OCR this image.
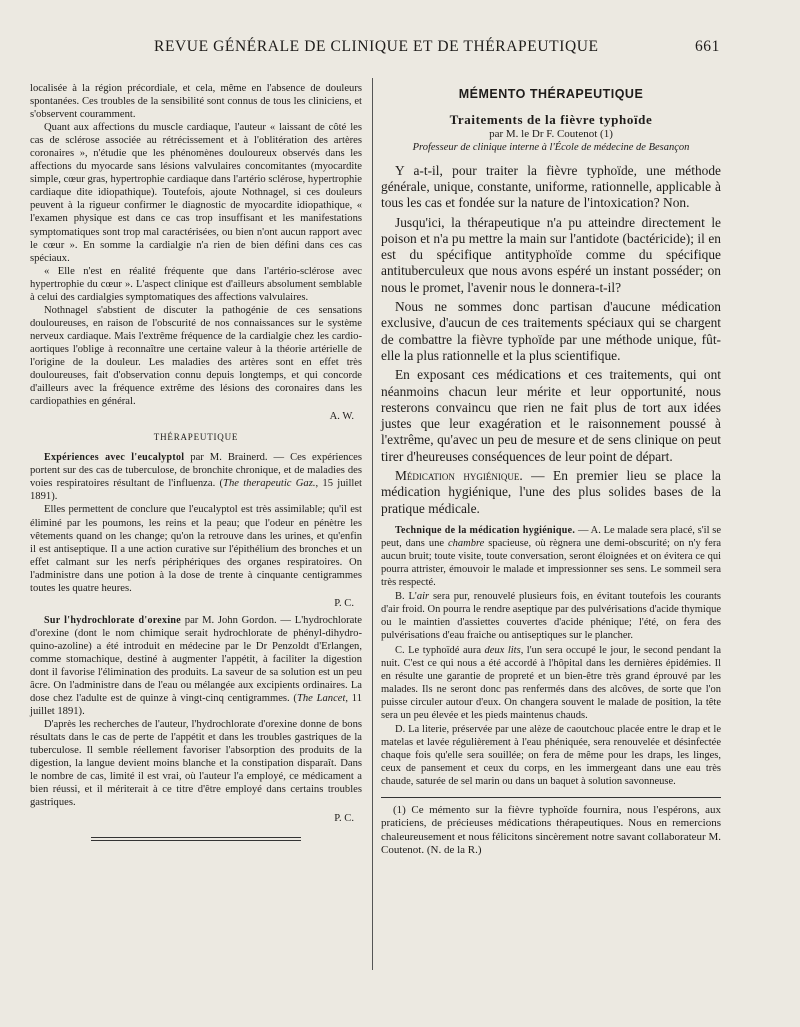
REVUE GÉNÉRALE DE CLINIQUE ET DE THÉRAPEUTIQUE	661

localisée à la région précordiale, et cela, même en l'absence de douleurs spontanées. Ces troubles de la sensibilité sont connus de tous les cliniciens, et s'observent couramment.

Quant aux affections du muscle cardiaque, l'auteur « laissant de côté les cas de sclérose associée au rétrécissement et à l'oblitération des artères coronaires », n'étudie que les phénomènes douloureux observés dans les affections du myocarde sans lésions valvulaires concomitantes (myocardite simple, cœur gras, hypertrophie cardiaque dans l'artério sclérose, hypertrophie cardiaque dite idiopathique). Toutefois, ajoute Nothnagel, si ces douleurs peuvent à la rigueur confirmer le diagnostic de myocardite idiopathique, « l'examen physique est dans ce cas trop insuffisant et les manifestations symptomatiques sont trop mal caractérisées, ou bien n'ont aucun rapport avec le cœur ». En somme la cardialgie n'a rien de bien défini dans ces cas spéciaux.

« Elle n'est en réalité fréquente que dans l'artério-sclérose avec hypertrophie du cœur ». L'aspect clinique est d'ailleurs absolument semblable à celui des cardialgies symptomatiques des affections valvulaires.

Nothnagel s'abstient de discuter la pathogénie de ces sensations douloureuses, en raison de l'obscurité de nos connaissances sur le système nerveux cardiaque. Mais l'extrême fréquence de la cardialgie chez les cardio-aortiques l'oblige à reconnaître une certaine valeur à la théorie artérielle de l'origine de la douleur. Les maladies des artères sont en effet très douloureuses, fait d'observation connu depuis longtemps, et qui concorde d'ailleurs avec la fréquence extrême des lésions des coronaires dans les cardiopathies en général.

A. W.

THÉRAPEUTIQUE

Expériences avec l'eucalyptol par M. Brainerd. — Ces expériences portent sur des cas de tuberculose, de bronchite chronique, et de maladies des voies respiratoires résultant de l'influenza. (The therapeutic Gaz., 15 juillet 1891).

Elles permettent de conclure que l'eucalyptol est très assimilable; qu'il est éliminé par les poumons, les reins et la peau; que l'odeur en pénètre les vêtements quand on les change; qu'on la retrouve dans les urines, et qu'enfin il est antiseptique. Il a une action curative sur l'épithélium des bronches et un effet calmant sur les nerfs périphériques des organes respiratoires. On l'administre dans une potion à la dose de trente à cinquante centigrammes toutes les quatre heures.

P. C.

Sur l'hydrochlorate d'orexine par M. John Gordon. — L'hydrochlorate d'orexine (dont le nom chimique serait hydrochlorate de phényl-dihydro-quino-azoline) a été introduit en médecine par le Dr Penzoldt d'Erlangen, comme stomachique, destiné à augmenter l'appétit, à faciliter la digestion dont il favorise l'élimination des produits. La saveur de sa solution est un peu âcre. On l'administre dans de l'eau ou mélangée aux excipients ordinaires. La dose chez l'adulte est de quinze à vingt-cinq centigrammes. (The Lancet, 11 juillet 1891).

D'après les recherches de l'auteur, l'hydrochlorate d'orexine donne de bons résultats dans le cas de perte de l'appétit et dans les troubles gastriques de la tuberculose. Il semble réellement favoriser l'absorption des produits de la digestion, la langue devient moins blanche et la constipation disparaît. Dans le nombre de cas, limité il est vrai, où l'auteur l'a employé, ce médicament a bien réussi, et il mériterait à ce titre d'être employé dans certains troubles gastriques.

P. C.

MÉMENTO THÉRAPEUTIQUE
Traitements de la fièvre typhoïde
par M. le Dr F. Coutenot (1)
Professeur de clinique interne à l'École de médecine de Besançon

Y a-t-il, pour traiter la fièvre typhoïde, une méthode générale, unique, constante, uniforme, rationnelle, applicable à tous les cas et fondée sur la nature de l'intoxication? Non.

Jusqu'ici, la thérapeutique n'a pu atteindre directement le poison et n'a pu mettre la main sur l'antidote (bactéricide); il en est du spécifique antityphoïde comme du spécifique antituberculeux que nous avons espéré un instant posséder; on nous le promet, l'avenir nous le donnera-t-il?

Nous ne sommes donc partisan d'aucune médication exclusive, d'aucun de ces traitements spéciaux qui se chargent de combattre la fièvre typhoïde par une méthode unique, fût-elle la plus rationnelle et la plus scientifique.

En exposant ces médications et ces traitements, qui ont néanmoins chacun leur mérite et leur opportunité, nous resterons convaincu que rien ne fait plus de tort aux idées justes que leur exagération et le raisonnement poussé à l'extrême, qu'avec un peu de mesure et de sens clinique on peut tirer d'heureuses conséquences de leur point de départ.

Médication hygiénique. — En premier lieu se place la médication hygiénique, l'une des plus solides bases de la pratique médicale.

Technique de la médication hygiénique. — A. Le malade sera placé, s'il se peut, dans une chambre spacieuse, où règnera une demi-obscurité; on n'y fera aucun bruit; toute visite, toute conversation, seront éloignées et on évitera ce qui pourra attrister, émouvoir le malade et impressionner ses sens. Le sommeil sera très respecté.

B. L'air sera pur, renouvelé plusieurs fois, en évitant toutefois les courants d'air froid. On pourra le rendre aseptique par des pulvérisations d'acide thymique ou le maintien d'assiettes couvertes d'acide phénique; l'été, on fera des pulvérisations d'eau fraiche ou antiseptiques sur le plancher.

C. Le typhoïdé aura deux lits, l'un sera occupé le jour, le second pendant la nuit. C'est ce qui nous a été accordé à l'hôpital dans les dernières épidémies. Il en résulte une garantie de propreté et un bien-être très grand éprouvé par les malades. Ils ne seront donc pas renfermés dans des alcôves, de sorte que l'on puisse circuler autour d'eux. On changera souvent le malade de position, la tête sera un peu élevée et les pieds maintenus chauds.

D. La literie, préservée par une alèze de caoutchouc placée entre le drap et le matelas et lavée régulièrement à l'eau phéniquée, sera renouvelée et désinfectée chaque fois qu'elle sera souillée; on fera de même pour les draps, les linges, ceux de pansement et ceux du corps, en les immergeant dans une eau très chaude, saturée de sel marin ou dans un baquet à solution savonneuse.

(1) Ce mémento sur la fièvre typhoïde fournira, nous l'espérons, aux praticiens, de précieuses médications thérapeutiques. Nous en remercions chaleureusement et nous félicitons sincèrement notre savant collaborateur M. Coutenot. (N. de la R.)
